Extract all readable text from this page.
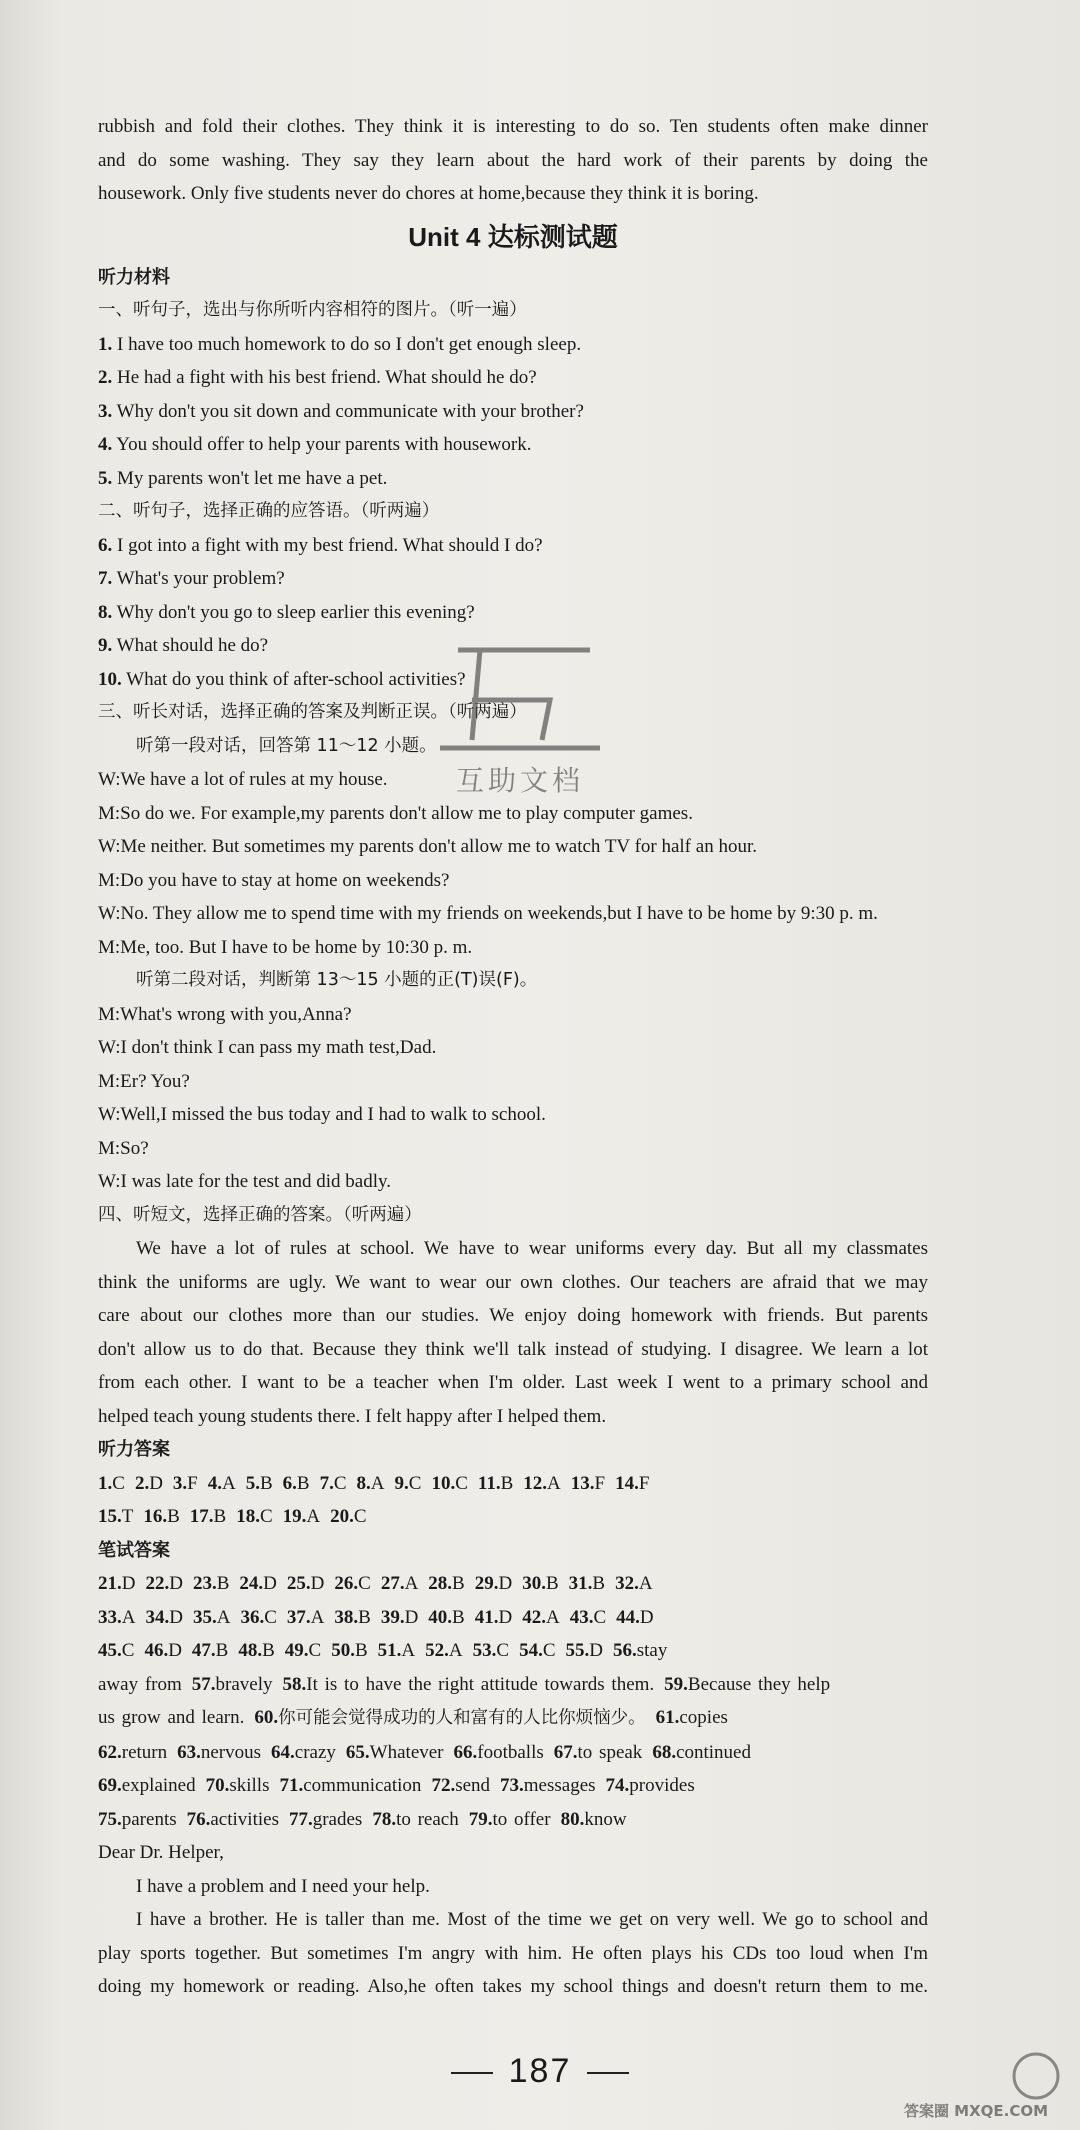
rubbish and fold their clothes. They think it is interesting to do so. Ten students often make dinner

and do some washing. They say they learn about the hard work of their parents by doing the

housework. Only five students never do chores at home,because they think it is boring.

Unit 4 达标测试题

听力材料

一、听句子，选出与你所听内容相符的图片。（听一遍）

1. I have too much homework to do so I don't get enough sleep.

2. He had a fight with his best friend. What should he do?

3. Why don't you sit down and communicate with your brother?

4. You should offer to help your parents with housework.

5. My parents won't let me have a pet.

二、听句子，选择正确的应答语。（听两遍）

6. I got into a fight with my best friend. What should I do?

7. What's your problem?

8. Why don't you go to sleep earlier this evening?

9. What should he do?

10. What do you think of after-school activities?

三、听长对话，选择正确的答案及判断正误。（听两遍）

听第一段对话，回答第 11～12 小题。

W:We have a lot of rules at my house.

M:So do we. For example,my parents don't allow me to play computer games.

W:Me neither. But sometimes my parents don't allow me to watch TV for half an hour.

M:Do you have to stay at home on weekends?

W:No. They allow me to spend time with my friends on weekends,but I have to be home by 9:30 p. m.

M:Me, too. But I have to be home by 10:30 p. m.

听第二段对话，判断第 13～15 小题的正(T)误(F)。

M:What's wrong with you,Anna?

W:I don't think I can pass my math test,Dad.

M:Er? You?

W:Well,I missed the bus today and I had to walk to school.

M:So?

W:I was late for the test and did badly.

四、听短文，选择正确的答案。（听两遍）

We have a lot of rules at school. We have to wear uniforms every day. But all my classmates

think the uniforms are ugly. We want to wear our own clothes. Our teachers are afraid that we may

care about our clothes more than our studies. We enjoy doing homework with friends. But parents

don't allow us to do that. Because they think we'll talk instead of studying. I disagree. We learn a lot

from each other. I want to be a teacher when I'm older. Last week I went to a primary school and

helped teach young students there. I felt happy after I helped them.

听力答案

1.C 2.D 3.F 4.A 5.B 6.B 7.C 8.A 9.C 10.C 11.B 12.A 13.F 14.F

15.T 16.B 17.B 18.C 19.A 20.C

笔试答案

21.D 22.D 23.B 24.D 25.D 26.C 27.A 28.B 29.D 30.B 31.B 32.A

33.A 34.D 35.A 36.C 37.A 38.B 39.D 40.B 41.D 42.A 43.C 44.D

45.C 46.D 47.B 48.B 49.C 50.B 51.A 52.A 53.C 54.C 55.D 56.stay

away from 57.bravely 58.It is to have the right attitude towards them. 59.Because they help

us grow and learn. 60.你可能会觉得成功的人和富有的人比你烦恼少。 61.copies

62.return 63.nervous 64.crazy 65.Whatever 66.footballs 67.to speak 68.continued

69.explained 70.skills 71.communication 72.send 73.messages 74.provides

75.parents 76.activities 77.grades 78.to reach 79.to offer 80.know

Dear Dr. Helper,

I have a problem and I need your help.

I have a brother. He is taller than me. Most of the time we get on very well. We go to school and

play sports together. But sometimes I'm angry with him. He often plays his CDs too loud when I'm

doing my homework or reading. Also,he often takes my school things and doesn't return them to me.

互助文档
187
答案圈 MXQE.COM
